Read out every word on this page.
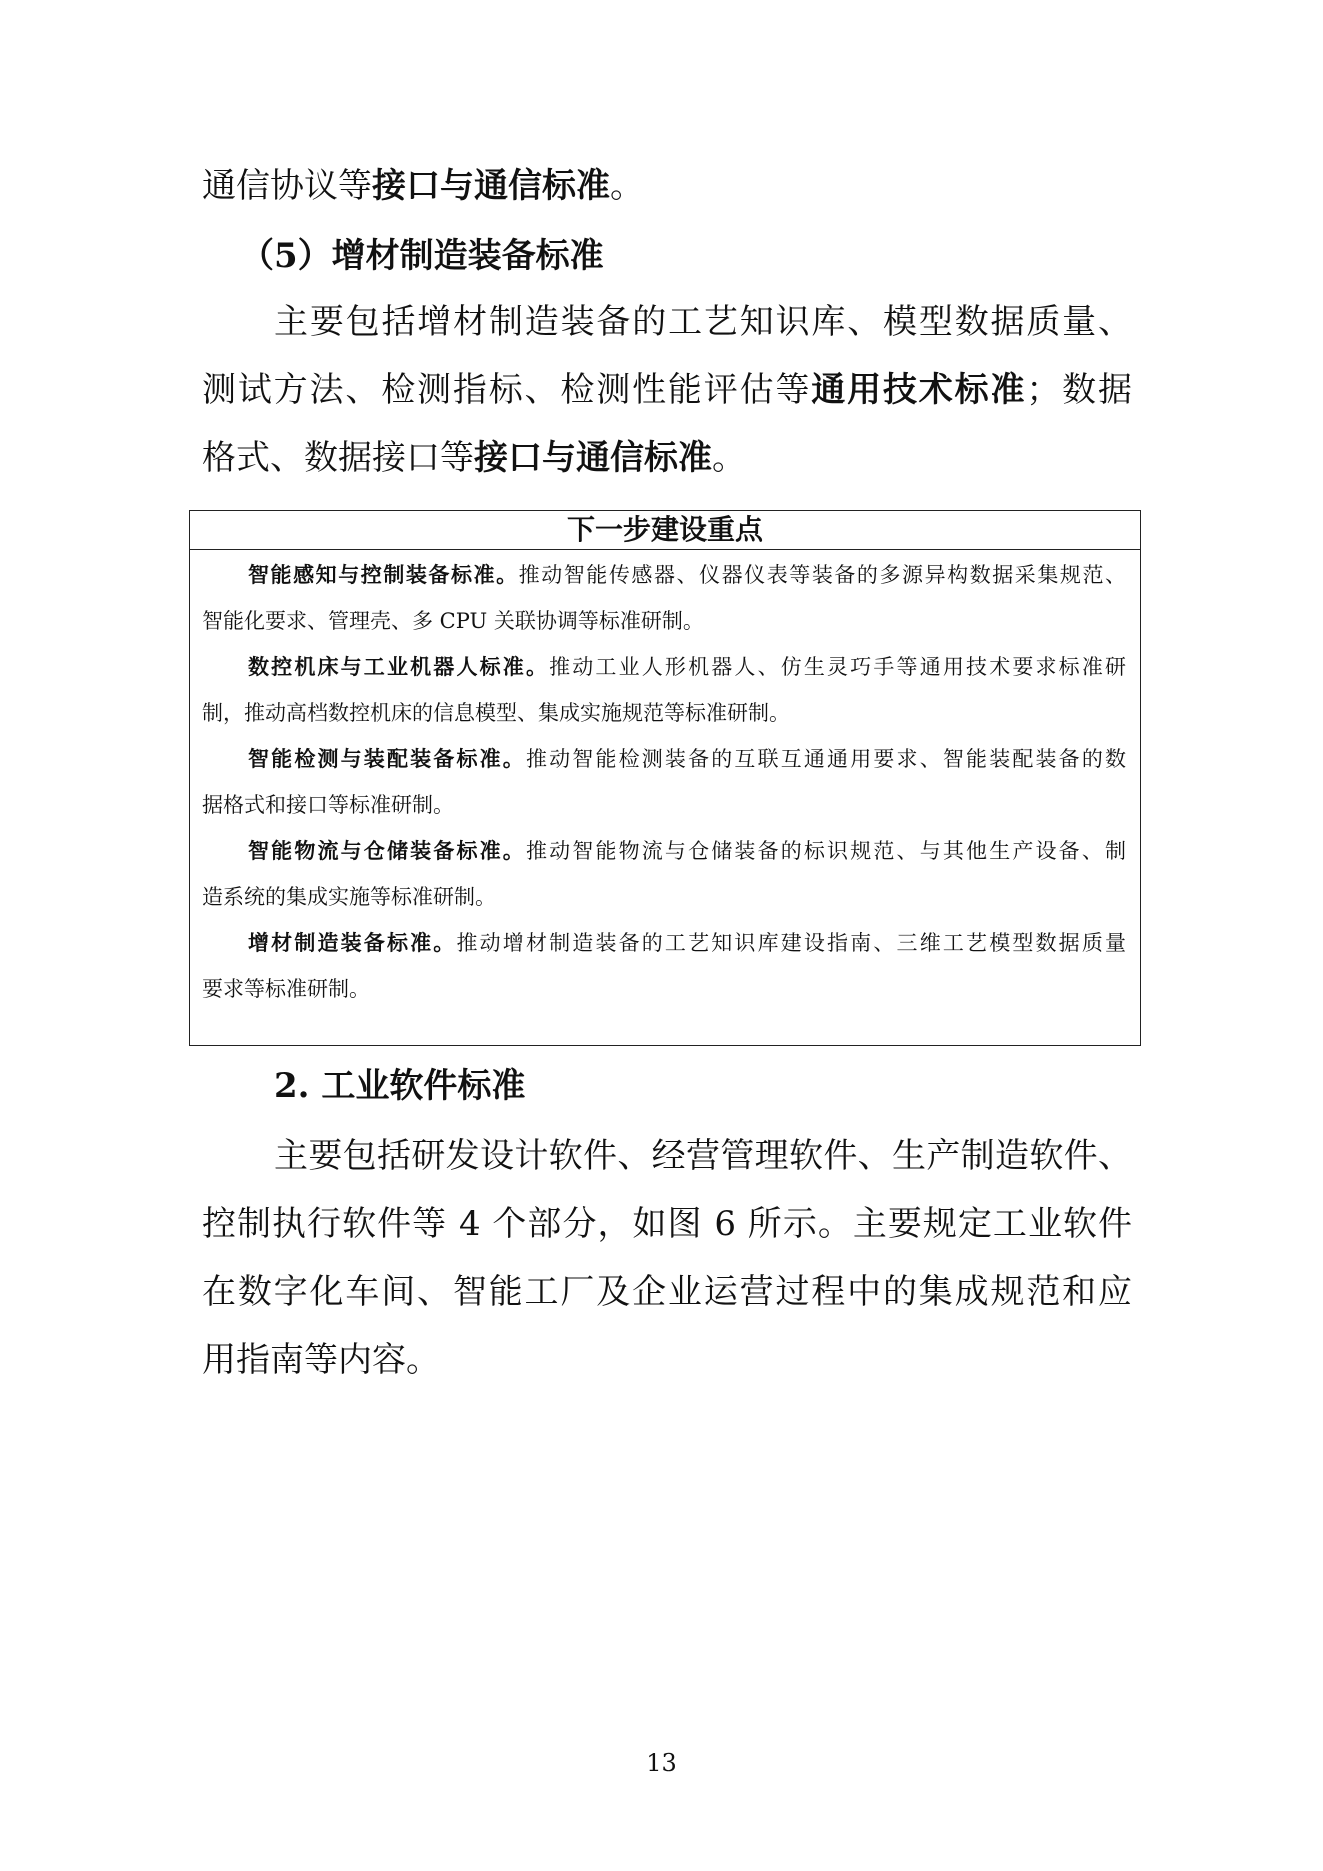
通信协议等接口与通信标准。
（5）增材制造装备标准
主要包括增材制造装备的工艺知识库、模型数据质量、
测试方法、检测指标、检测性能评估等通用技术标准；数据
格式、数据接口等接口与通信标准。
下一步建设重点
智能感知与控制装备标准。推动智能传感器、仪器仪表等装备的多源异构数据采集规范、
智能化要求、管理壳、多 CPU 关联协调等标准研制。
数控机床与工业机器人标准。推动工业人形机器人、仿生灵巧手等通用技术要求标准研
制，推动高档数控机床的信息模型、集成实施规范等标准研制。
智能检测与装配装备标准。推动智能检测装备的互联互通通用要求、智能装配装备的数
据格式和接口等标准研制。
智能物流与仓储装备标准。推动智能物流与仓储装备的标识规范、与其他生产设备、制
造系统的集成实施等标准研制。
增材制造装备标准。推动增材制造装备的工艺知识库建设指南、三维工艺模型数据质量
要求等标准研制。
2. 工业软件标准
主要包括研发设计软件、经营管理软件、生产制造软件、
控制执行软件等 4 个部分，如图 6 所示。主要规定工业软件
在数字化车间、智能工厂及企业运营过程中的集成规范和应
用指南等内容。
13
